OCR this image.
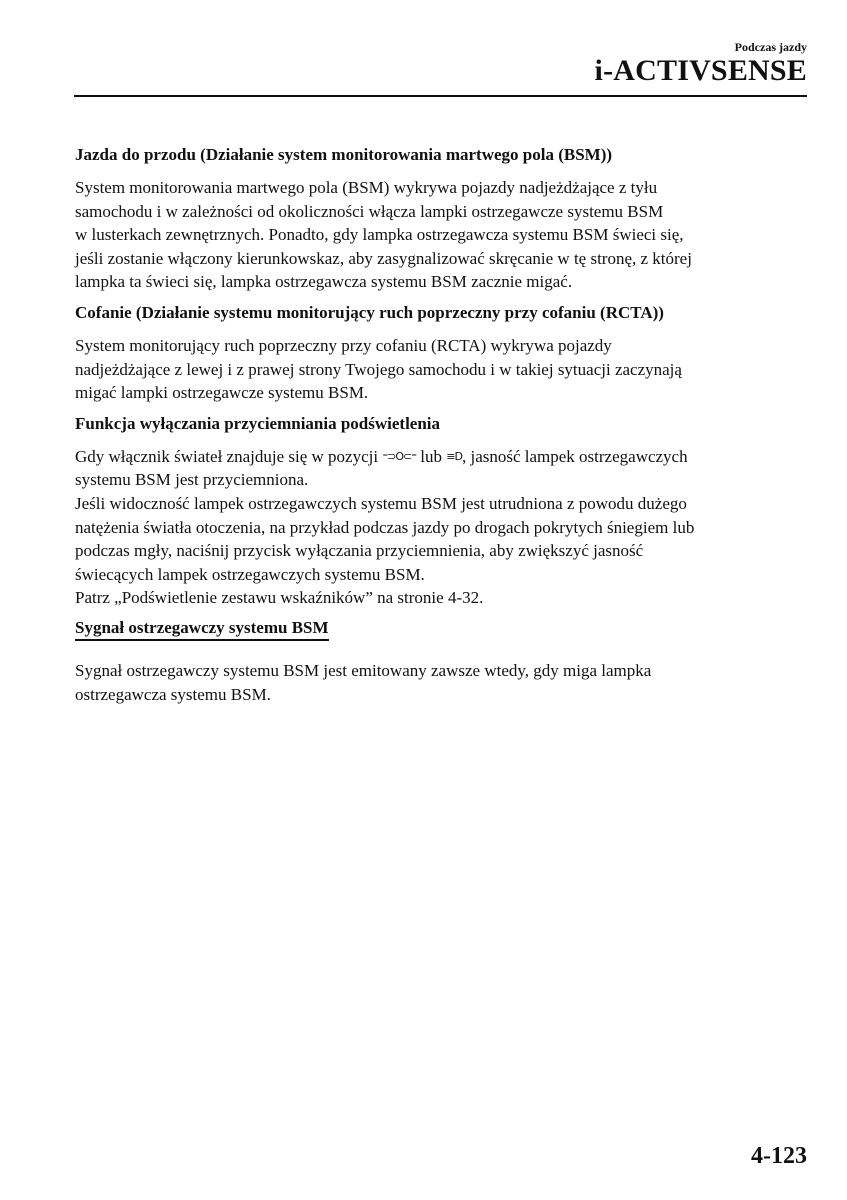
Podczas jazdy
i-ACTIVSENSE
Jazda do przodu (Działanie system monitorowania martwego pola (BSM))
System monitorowania martwego pola (BSM) wykrywa pojazdy nadjeżdżające z tyłu
samochodu i w zależności od okoliczności włącza lampki ostrzegawcze systemu BSM
w lusterkach zewnętrznych. Ponadto, gdy lampka ostrzegawcza systemu BSM świeci się,
jeśli zostanie włączony kierunkowskaz, aby zasygnalizować skręcanie w tę stronę, z której
lampka ta świeci się, lampka ostrzegawcza systemu BSM zacznie migać.
Cofanie (Działanie systemu monitorujący ruch poprzeczny przy cofaniu (RCTA))
System monitorujący ruch poprzeczny przy cofaniu (RCTA) wykrywa pojazdy
nadjeżdżające z lewej i z prawej strony Twojego samochodu i w takiej sytuacji zaczynają
migać lampki ostrzegawcze systemu BSM.
Funkcja wyłączania przyciemniania podświetlenia
Gdy włącznik świateł znajduje się w pozycji ⁼⊃O⊂⁼ lub ≡D, jasność lampek ostrzegawczych
systemu BSM jest przyciemniona.
Jeśli widoczność lampek ostrzegawczych systemu BSM jest utrudniona z powodu dużego
natężenia światła otoczenia, na przykład podczas jazdy po drogach pokrytych śniegiem lub
podczas mgły, naciśnij przycisk wyłączania przyciemnienia, aby zwiększyć jasność
świecących lampek ostrzegawczych systemu BSM.
Patrz „Podświetlenie zestawu wskaźników” na stronie 4-32.
Sygnał ostrzegawczy systemu BSM
Sygnał ostrzegawczy systemu BSM jest emitowany zawsze wtedy, gdy miga lampka
ostrzegawcza systemu BSM.
4-123
